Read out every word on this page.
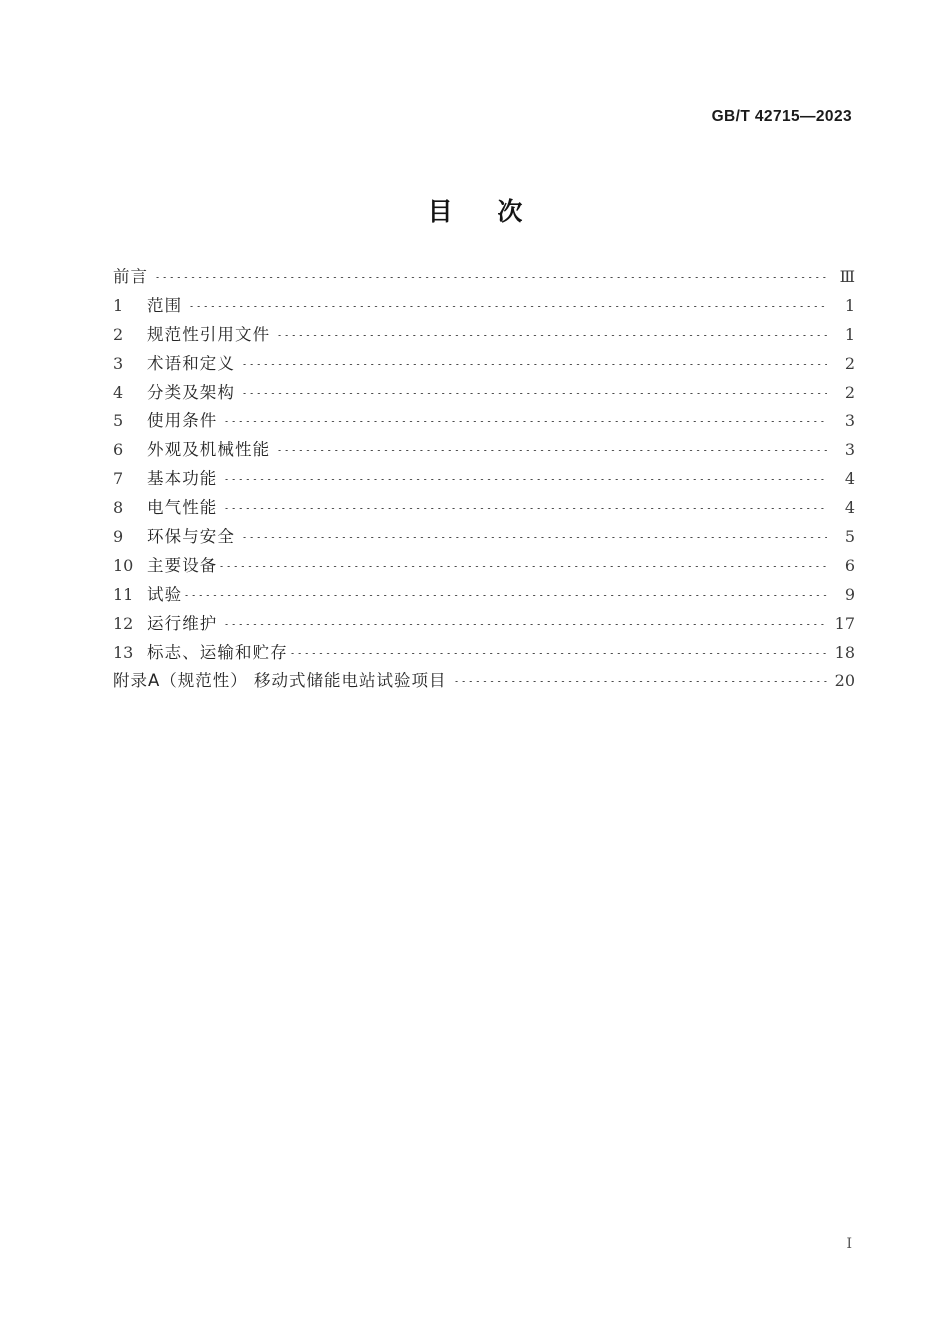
GB/T 42715—2023
目 次
前言	Ⅲ
1	范围	1
2	规范性引用文件	1
3	术语和定义	2
4	分类及架构	2
5	使用条件	3
6	外观及机械性能	3
7	基本功能	4
8	电气性能	4
9	环保与安全	5
10 主要设备	6
11 试验	9
12 运行维护	17
13 标志、运输和贮存	18
附录A（规范性） 移动式储能电站试验项目	20
Ⅰ
